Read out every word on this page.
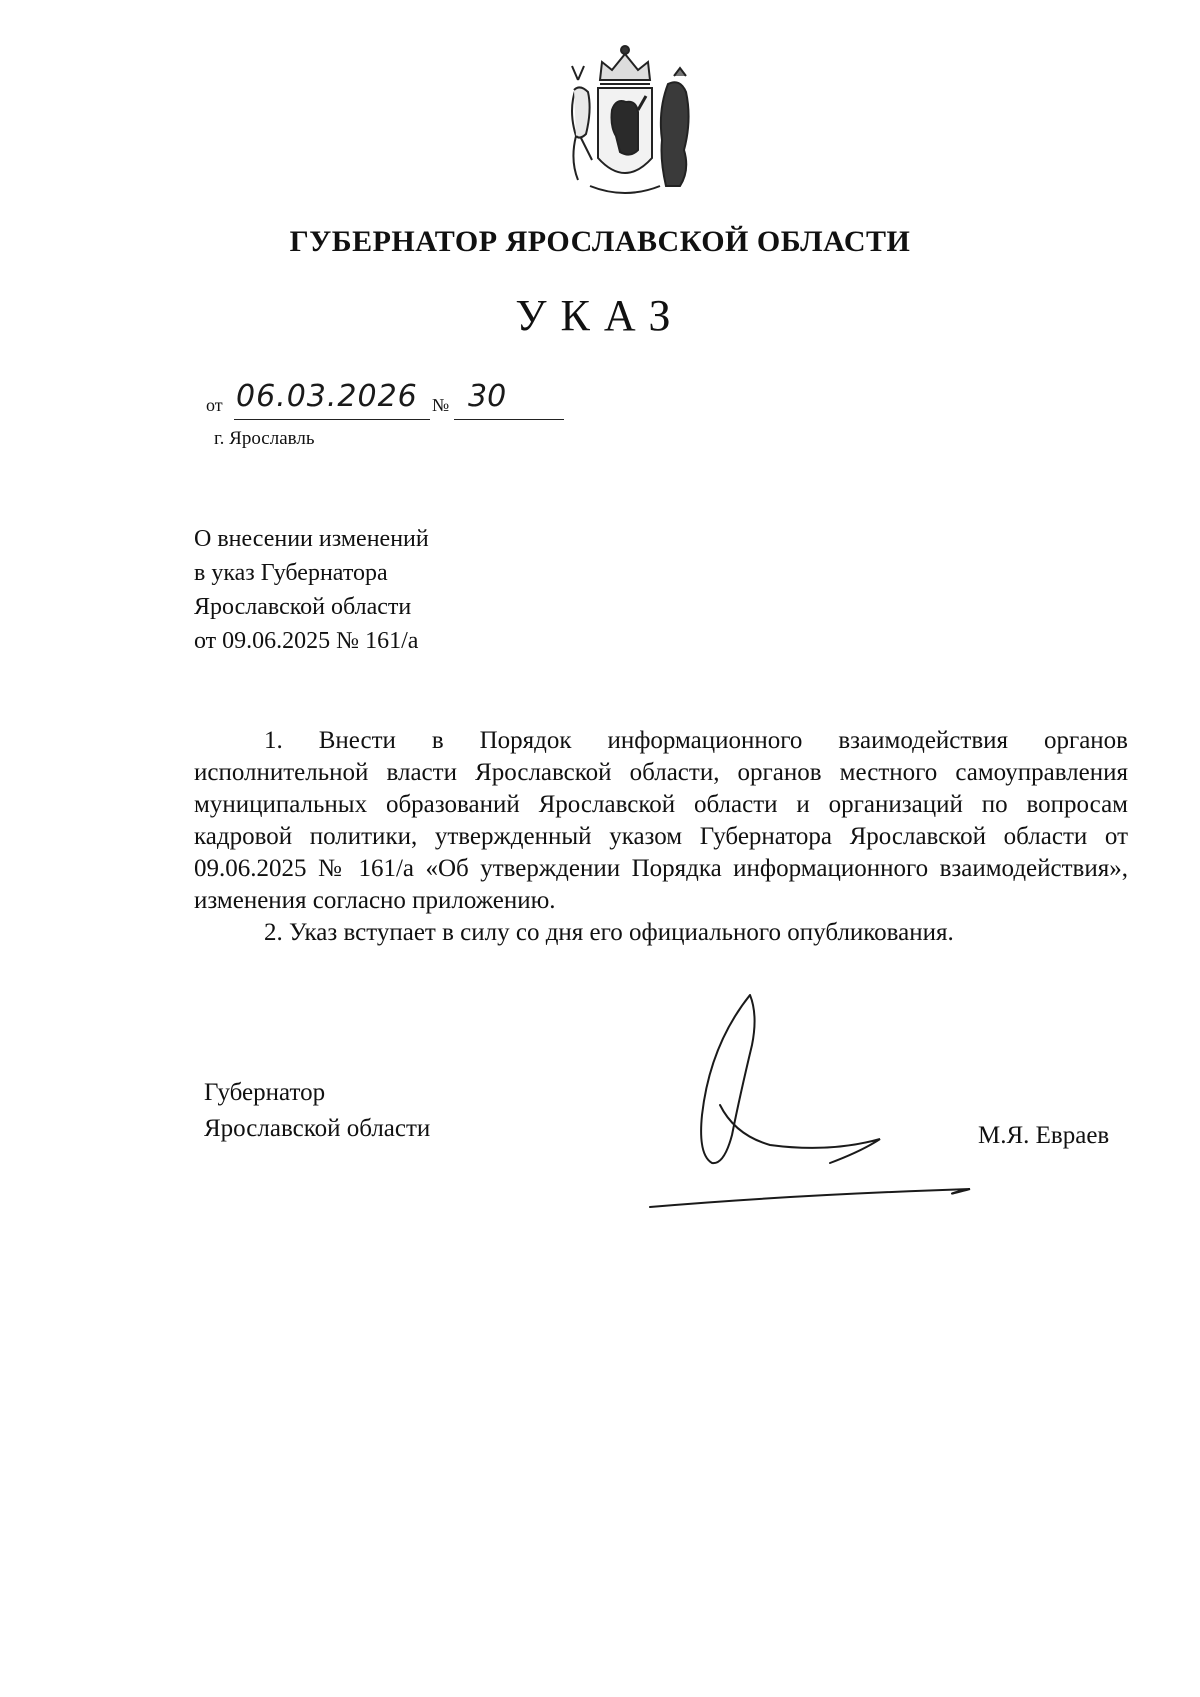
ГУБЕРНАТОР ЯРОСЛАВСКОЙ ОБЛАСТИ
УКАЗ
от 06.03.2026 № 30
г. Ярославль
О внесении изменений
в указ Губернатора
Ярославской области
от 09.06.2025 № 161/а

1. Внести в Порядок информационного взаимодействия органов исполнительной власти Ярославской области, органов местного самоуправления муниципальных образований Ярославской области и организаций по вопросам кадровой политики, утвержденный указом Губернатора Ярославской области от 09.06.2025 № 161/а «Об утверждении Порядка информационного взаимодействия», изменения согласно приложению.

2. Указ вступает в силу со дня его официального опубликования.

Губернатор
Ярославской области	М.Я. Евраев
